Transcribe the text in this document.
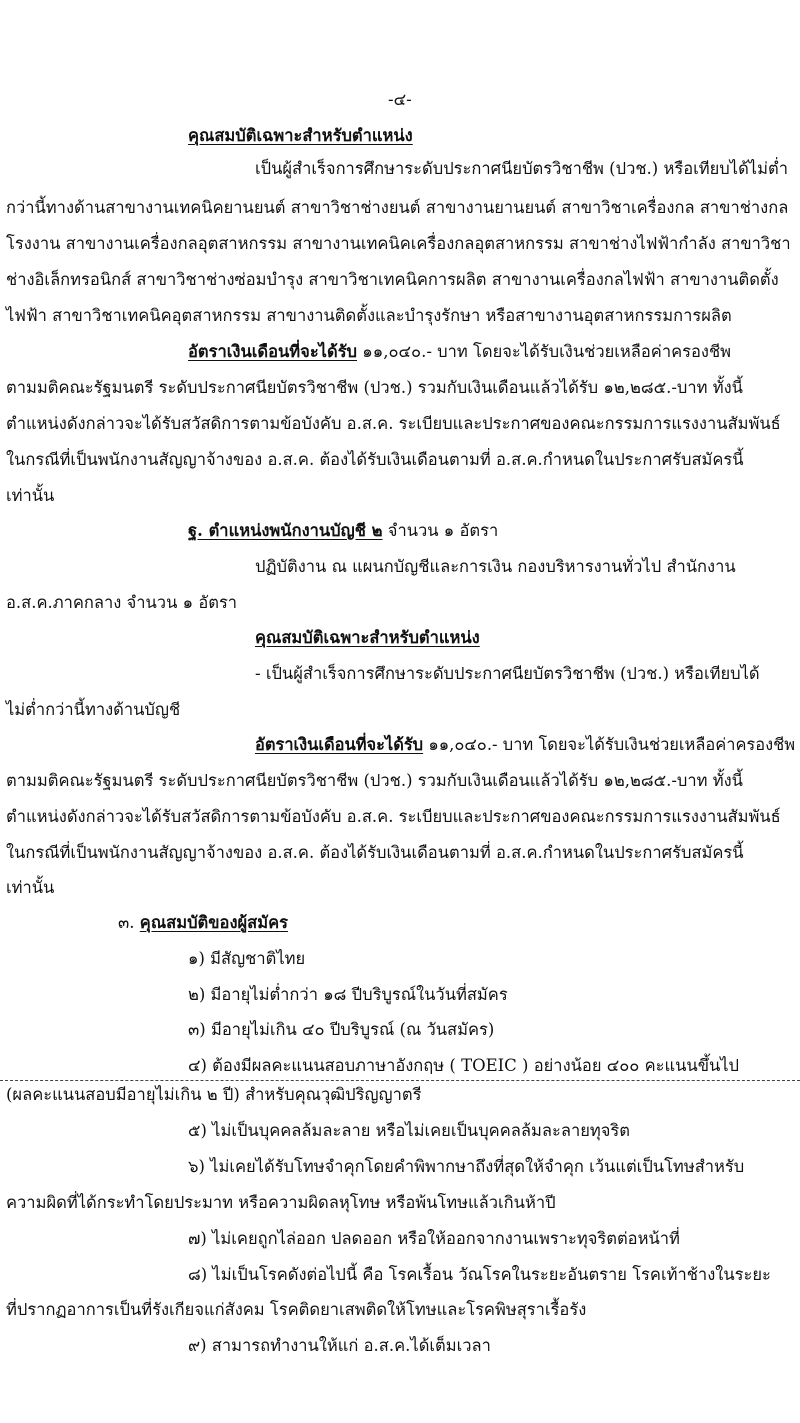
-๔-
คุณสมบัติเฉพาะสำหรับตำแหน่ง
เป็นผู้สำเร็จการศึกษาระดับประกาศนียบัตรวิชาชีพ (ปวช.) หรือเทียบได้ไม่ต่ำ
กว่านี้ทางด้านสาขางานเทคนิคยานยนต์ สาขาวิชาช่างยนต์ สาขางานยานยนต์ สาขาวิชาเครื่องกล สาขาช่างกล
โรงงาน สาขางานเครื่องกลอุตสาหกรรม สาขางานเทคนิคเครื่องกลอุตสาหกรรม สาขาช่างไฟฟ้ากำลัง สาขาวิชา
ช่างอิเล็กทรอนิกส์ สาขาวิชาช่างซ่อมบำรุง สาขาวิชาเทคนิคการผลิต สาขางานเครื่องกลไฟฟ้า สาขางานติดตั้ง
ไฟฟ้า สาขาวิชาเทคนิคอุตสาหกรรม สาขางานติดตั้งและบำรุงรักษา หรือสาขางานอุตสาหกรรมการผลิต
อัตราเงินเดือนที่จะได้รับ ๑๑,๐๔๐.- บาท โดยจะได้รับเงินช่วยเหลือค่าครองชีพ
ตามมติคณะรัฐมนตรี ระดับประกาศนียบัตรวิชาชีพ (ปวช.) รวมกับเงินเดือนแล้วได้รับ ๑๒,๒๘๕.-บาท ทั้งนี้
ตำแหน่งดังกล่าวจะได้รับสวัสดิการตามข้อบังคับ อ.ส.ค. ระเบียบและประกาศของคณะกรรมการแรงงานสัมพันธ์
ในกรณีที่เป็นพนักงานสัญญาจ้างของ อ.ส.ค. ต้องได้รับเงินเดือนตามที่ อ.ส.ค.กำหนดในประกาศรับสมัครนี้
เท่านั้น
ฐ. ตำแหน่งพนักงานบัญชี ๒ จำนวน ๑ อัตรา
ปฏิบัติงาน ณ แผนกบัญชีและการเงิน กองบริหารงานทั่วไป สำนักงาน
อ.ส.ค.ภาคกลาง จำนวน ๑ อัตรา
คุณสมบัติเฉพาะสำหรับตำแหน่ง
- เป็นผู้สำเร็จการศึกษาระดับประกาศนียบัตรวิชาชีพ (ปวช.) หรือเทียบได้
ไม่ต่ำกว่านี้ทางด้านบัญชี
อัตราเงินเดือนที่จะได้รับ ๑๑,๐๔๐.- บาท โดยจะได้รับเงินช่วยเหลือค่าครองชีพ
ตามมติคณะรัฐมนตรี ระดับประกาศนียบัตรวิชาชีพ (ปวช.) รวมกับเงินเดือนแล้วได้รับ ๑๒,๒๘๕.-บาท ทั้งนี้
ตำแหน่งดังกล่าวจะได้รับสวัสดิการตามข้อบังคับ อ.ส.ค. ระเบียบและประกาศของคณะกรรมการแรงงานสัมพันธ์
ในกรณีที่เป็นพนักงานสัญญาจ้างของ อ.ส.ค. ต้องได้รับเงินเดือนตามที่ อ.ส.ค.กำหนดในประกาศรับสมัครนี้
เท่านั้น
๓. คุณสมบัติของผู้สมัคร
๑) มีสัญชาติไทย
๒) มีอายุไม่ต่ำกว่า ๑๘ ปีบริบูรณ์ในวันที่สมัคร
๓) มีอายุไม่เกิน ๔๐ ปีบริบูรณ์ (ณ วันสมัคร)
๔) ต้องมีผลคะแนนสอบภาษาอังกฤษ ( TOEIC ) อย่างน้อย ๔๐๐ คะแนนขึ้นไป
(ผลคะแนนสอบมีอายุไม่เกิน ๒ ปี) สำหรับคุณวุฒิปริญญาตรี
๕) ไม่เป็นบุคคลล้มละลาย หรือไม่เคยเป็นบุคคลล้มละลายทุจริต
๖) ไม่เคยได้รับโทษจำคุกโดยคำพิพากษาถึงที่สุดให้จำคุก เว้นแต่เป็นโทษสำหรับ
ความผิดที่ได้กระทำโดยประมาท หรือความผิดลหุโทษ หรือพ้นโทษแล้วเกินห้าปี
๗) ไม่เคยถูกไล่ออก ปลดออก หรือให้ออกจากงานเพราะทุจริตต่อหน้าที่
๘) ไม่เป็นโรคดังต่อไปนี้ คือ โรคเรื้อน วัณโรคในระยะอันตราย โรคเท้าช้างในระยะ
ที่ปรากฏอาการเป็นที่รังเกียจแก่สังคม โรคติดยาเสพติดให้โทษและโรคพิษสุราเรื้อรัง
๙) สามารถทำงานให้แก่ อ.ส.ค.ได้เต็มเวลา
